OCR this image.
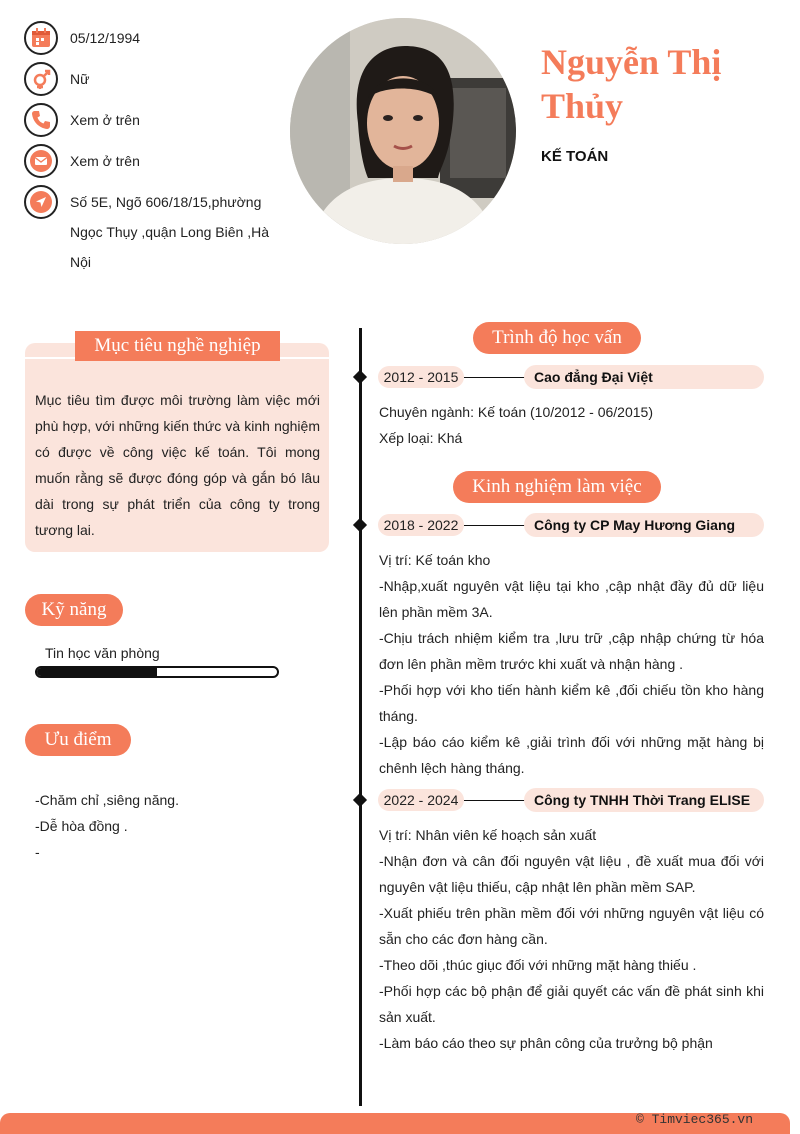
05/12/1994
Nữ
Xem ở trên
Xem ở trên
Số 5E, Ngõ 606/18/15,phường Ngọc Thụy ,quận Long Biên ,Hà Nội
Nguyễn Thị Thủy
KẾ TOÁN
Mục tiêu nghề nghiệp
Mục tiêu tìm được môi trường làm việc mới phù hợp, với những kiến thức và kinh nghiệm có được về công việc kế toán. Tôi mong muốn rằng sẽ được đóng góp và gắn bó lâu dài trong sự phát triển của công ty trong tương lai.
Kỹ năng
Tin học văn phòng
Ưu điểm
-Chăm chỉ ,siêng năng.
-Dễ hòa đồng .
-
Trình độ học vấn
2012 - 2015	Cao đẳng Đại Việt
Chuyên ngành: Kế toán (10/2012 - 06/2015)
Xếp loại: Khá
Kinh nghiệm làm việc
2018 - 2022	Công ty CP May Hương Giang
Vị trí: Kế toán kho
-Nhập,xuất nguyên vật liệu tại kho ,cập nhật đầy đủ dữ liệu lên phần mềm 3A.
-Chịu trách nhiệm kiểm tra ,lưu trữ ,cập nhập chứng từ hóa đơn lên phần mềm trước khi xuất và nhận hàng .
-Phối hợp với kho tiến hành kiểm kê ,đối chiếu tồn kho hàng tháng.
-Lập báo cáo kiểm kê ,giải trình đối với những mặt hàng bị chênh lệch hàng tháng.
2022 - 2024	Công ty TNHH Thời Trang ELISE
Vị trí: Nhân viên kế hoạch sản xuất
-Nhận đơn và cân đối nguyên vật liệu , đề xuất mua đối với nguyên vật liệu thiếu, cập nhật lên phần mềm SAP.
-Xuất phiếu trên phần mềm đối với những nguyên vật liệu có sẵn cho các đơn hàng cần.
-Theo dõi ,thúc giục đối với những mặt hàng thiếu .
-Phối hợp các bộ phận để giải quyết các vấn đề phát sinh khi sản xuất.
-Làm báo cáo theo sự phân công của trưởng bộ phận
© Timviec365.vn
